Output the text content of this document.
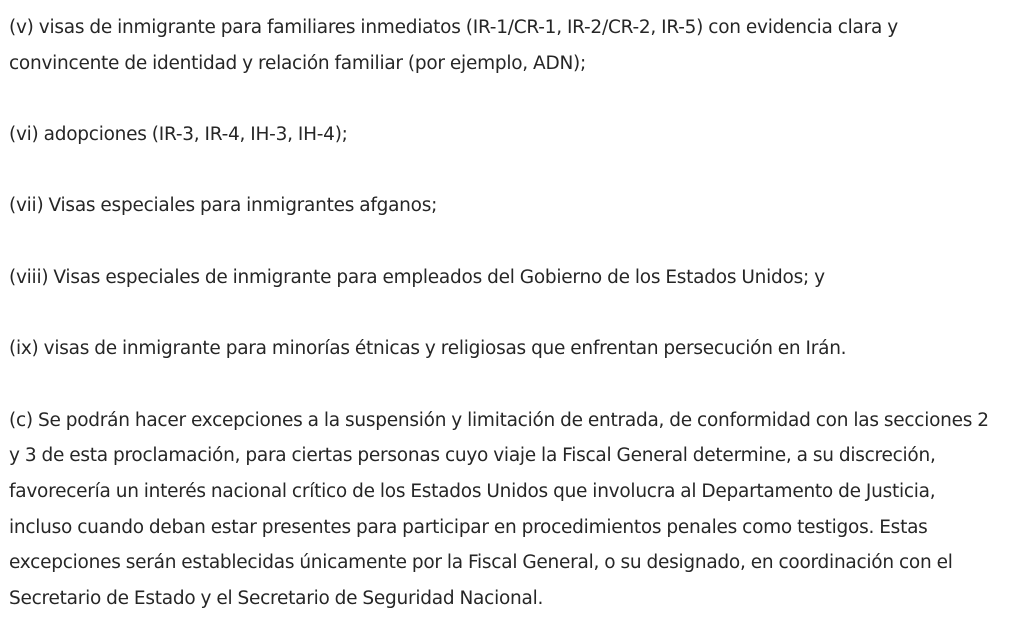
(v) visas de inmigrante para familiares inmediatos (IR-1/CR-1, IR-2/CR-2, IR-5) con evidencia clara y
convincente de identidad y relación familiar (por ejemplo, ADN);

(vi) adopciones (IR-3, IR-4, IH-3, IH-4);

(vii) Visas especiales para inmigrantes afganos;

(viii) Visas especiales de inmigrante para empleados del Gobierno de los Estados Unidos; y

(ix) visas de inmigrante para minorías étnicas y religiosas que enfrentan persecución en Irán.

(c) Se podrán hacer excepciones a la suspensión y limitación de entrada, de conformidad con las secciones 2
y 3 de esta proclamación, para ciertas personas cuyo viaje la Fiscal General determine, a su discreción,
favorecería un interés nacional crítico de los Estados Unidos que involucra al Departamento de Justicia,
incluso cuando deban estar presentes para participar en procedimientos penales como testigos. Estas
excepciones serán establecidas únicamente por la Fiscal General, o su designado, en coordinación con el
Secretario de Estado y el Secretario de Seguridad Nacional.
